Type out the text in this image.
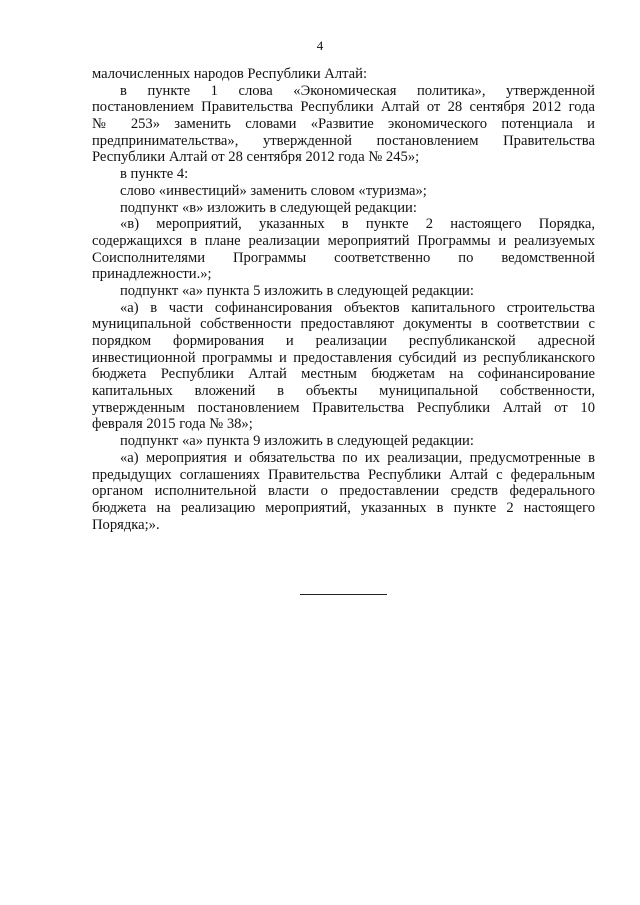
4
малочисленных народов Республики Алтай:
в пункте 1 слова «Экономическая политика», утвержденной
постановлением Правительства Республики Алтай от 28 сентября 2012 года
№ 253» заменить словами «Развитие экономического потенциала и
предпринимательства», утвержденной постановлением Правительства
Республики Алтай от 28 сентября 2012 года № 245»;
в пункте 4:
слово «инвестиций» заменить словом «туризма»;
подпункт «в» изложить в следующей редакции:
«в) мероприятий, указанных в пункте 2 настоящего Порядка,
содержащихся в плане реализации мероприятий Программы и реализуемых
Соисполнителями Программы соответственно по ведомственной
принадлежности.»;
подпункт «а» пункта 5 изложить в следующей редакции:
«а) в части софинансирования объектов капитального строительства
муниципальной собственности предоставляют документы в соответствии с
порядком формирования и реализации республиканской адресной
инвестиционной программы и предоставления субсидий из республиканского
бюджета Республики Алтай местным бюджетам на софинансирование
капитальных вложений в объекты муниципальной собственности,
утвержденным постановлением Правительства Республики Алтай от 10
февраля 2015 года № 38»;
подпункт «а» пункта 9 изложить в следующей редакции:
«а) мероприятия и обязательства по их реализации, предусмотренные в
предыдущих соглашениях Правительства Республики Алтай с федеральным
органом исполнительной власти о предоставлении средств федерального
бюджета на реализацию мероприятий, указанных в пункте 2 настоящего
Порядка;».
